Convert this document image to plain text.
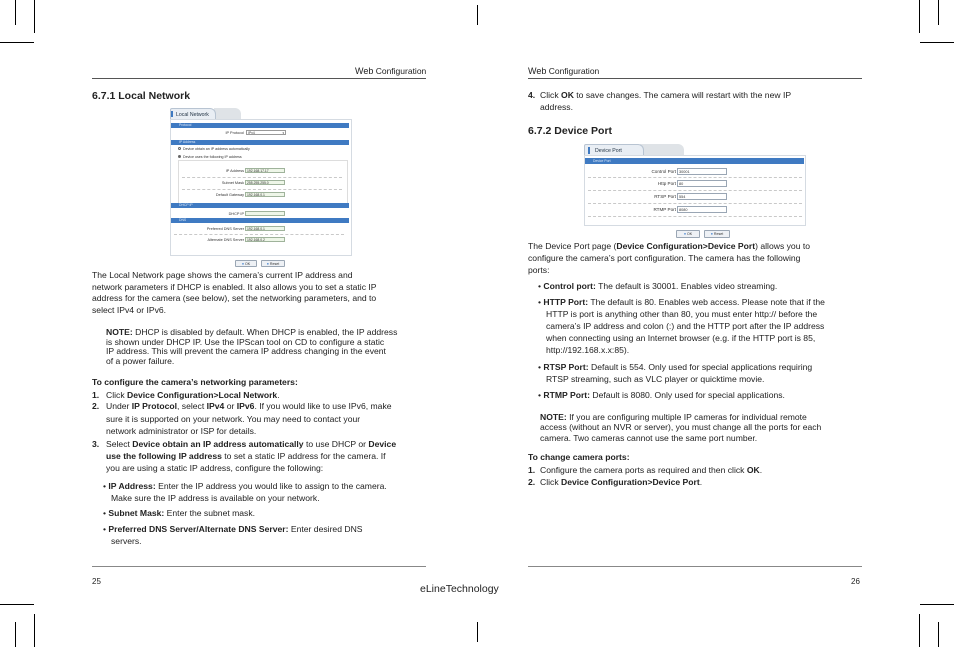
Web Configuration	Web Configuration
6.7.1 Local Network
Local Network
Protocol
IP Protocol	IPv4	▾
IP Address
Device obtain an IP address automatically
Device uses the following IP address
IP Address 192.168.17.17
Subnet Mask 255.255.255.0
Default Gateway 192.168.0.1
DHCP IP
DHCP IP
DNS
Preferred DNS Server 192.168.0.1
Alternate DNS Server 192.168.0.2
● OK	● Reset
The Local Network page shows the camera’s current IP address and
network parameters if DHCP is enabled. It also allows you to set a static IP
address for the camera (see below), set the networking parameters, and to
select IPv4 or IPv6.
NOTE: DHCP is disabled by default. When DHCP is enabled, the IP address
is shown under DHCP IP. Use the IPScan tool on CD to configure a static
IP address. This will prevent the camera IP address changing in the event
of a power failure.
To configure the camera’s networking parameters:
1. Click Device Configuration>Local Network.
2. Under IP Protocol, select IPv4 or IPv6. If you would like to use IPv6, make
sure it is supported on your network. You may need to contact your
network administrator or ISP for details.
3. Select Device obtain an IP address automatically to use DHCP or Device
use the following IP address to set a static IP address for the camera. If
you are using a static IP address, configure the following:
• IP Address: Enter the IP address you would like to assign to the camera.
Make sure the IP address is available on your network.
• Subnet Mask: Enter the subnet mask.
• Preferred DNS Server/Alternate DNS Server: Enter desired DNS
servers.
25
4. Click OK to save changes. The camera will restart with the new IP
address.
6.7.2 Device Port
Device Port
Device Port
Control Port 30001
Http Port 80
RTSP Port 554
RTMP Port 8080
● OK	● Reset
The Device Port page (Device Configuration>Device Port) allows you to
configure the camera’s port configuration. The camera has the following
ports:
• Control port: The default is 30001. Enables video streaming.
• HTTP Port: The default is 80. Enables web access. Please note that if the
HTTP is port is anything other than 80, you must enter http:// before the
camera’s IP address and colon (:) and the HTTP port after the IP address
when connecting using an Internet browser (e.g. if the HTTP port is 85,
http://192.168.x.x:85).
• RTSP Port: Default is 554. Only used for special applications requiring
RTSP streaming, such as VLC player or quicktime movie.
• RTMP Port: Default is 8080. Only used for special applications.
NOTE: If you are configuring multiple IP cameras for individual remote
access (without an NVR or server), you must change all the ports for each
camera. Two cameras cannot use the same port number.
To change camera ports:
1. Configure the camera ports as required and then click OK.
2. Click Device Configuration>Device Port.
26
eLineTechnology
